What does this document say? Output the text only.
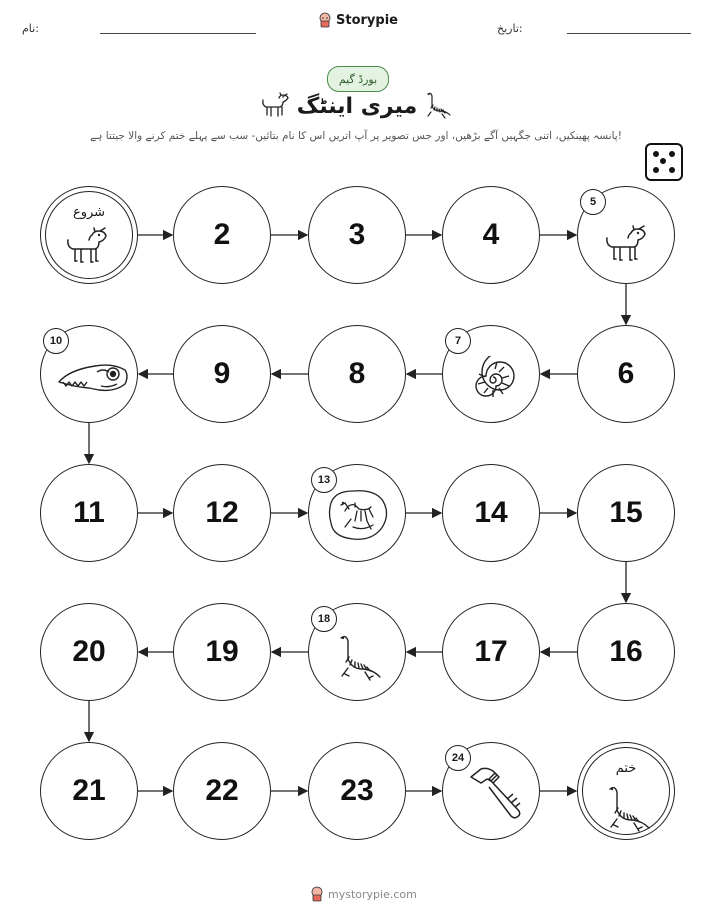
نام:
Storypie
تاریخ:
بورڈ گیم
میری اینٹگ
پانسہ پھینکیں، اتنی جگہیں آگے بڑھیں، اور جس تصویر پر آپ اتریں اس کا نام بتائیں- سب سے پہلے ختم کرنے والا جیتتا ہے!
شروع
2	3	4
5
6
7
8
9
10
11	12
13
14	15
16
17
18
19
20
21	22	23
24
ختم
mystorypie.com
